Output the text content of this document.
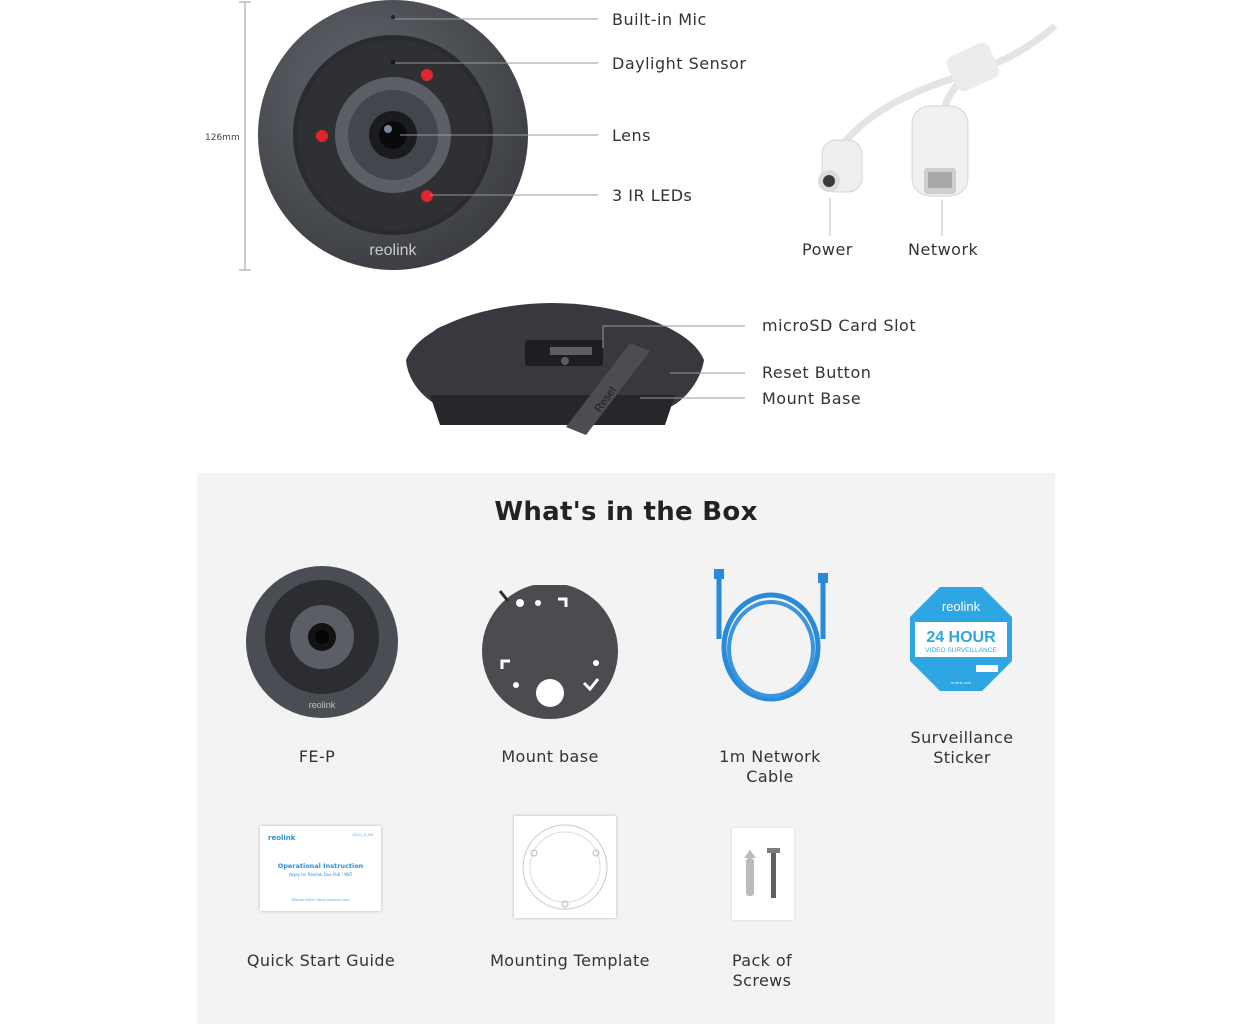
126mm
reolink
Built-in Mic
Daylight Sensor
Lens
3 IR LEDs
Power	Network
Reset
microSD Card Slot
Reset Button
Mount Base
What's in the Box
reolink
FE-P	Mount base	1m Network Cable
reolink
24 HOUR
VIDEO SURVEILLANCE
reolink.com
Surveillance
Sticker
reolink	QSG1_A_EN
Operational Instruction
Apply to: Reolink Duo PoE / WiFi
@ReolinkTech https://reolink.com
Quick Start Guide	Mounting Template	Pack of
Screws
